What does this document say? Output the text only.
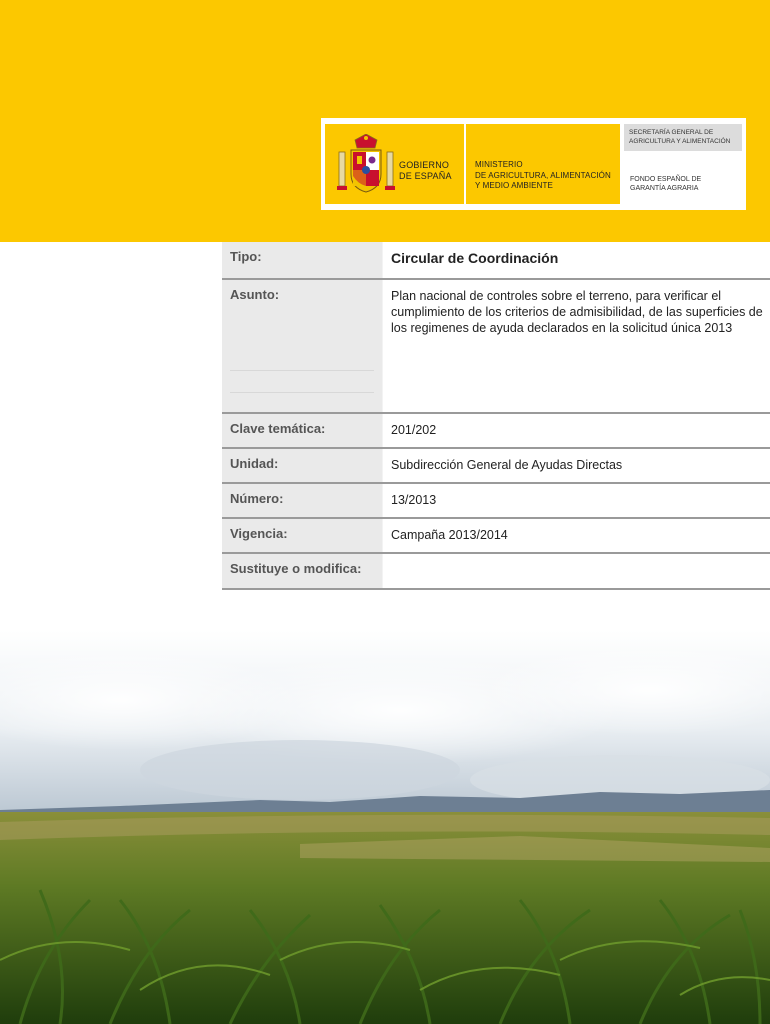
GOBIERNO
DE ESPAÑA
MINISTERIO
DE AGRICULTURA, ALIMENTACIÓN
Y MEDIO AMBIENTE
SECRETARÍA GENERAL DE
AGRICULTURA Y ALIMENTACIÓN
FONDO ESPAÑOL DE
GARANTÍA AGRARIA
Tipo:	Circular de Coordinación
Asunto:	Plan nacional de controles sobre el terreno, para verificar el cumplimiento de los criterios de admisibilidad, de las superficies de los regimenes de ayuda declarados en la solicitud única 2013
Clave temática:	201/202
Unidad:	Subdirección General de Ayudas Directas
Número:	13/2013
Vigencia:	Campaña 2013/2014
Sustituye o modifica:
